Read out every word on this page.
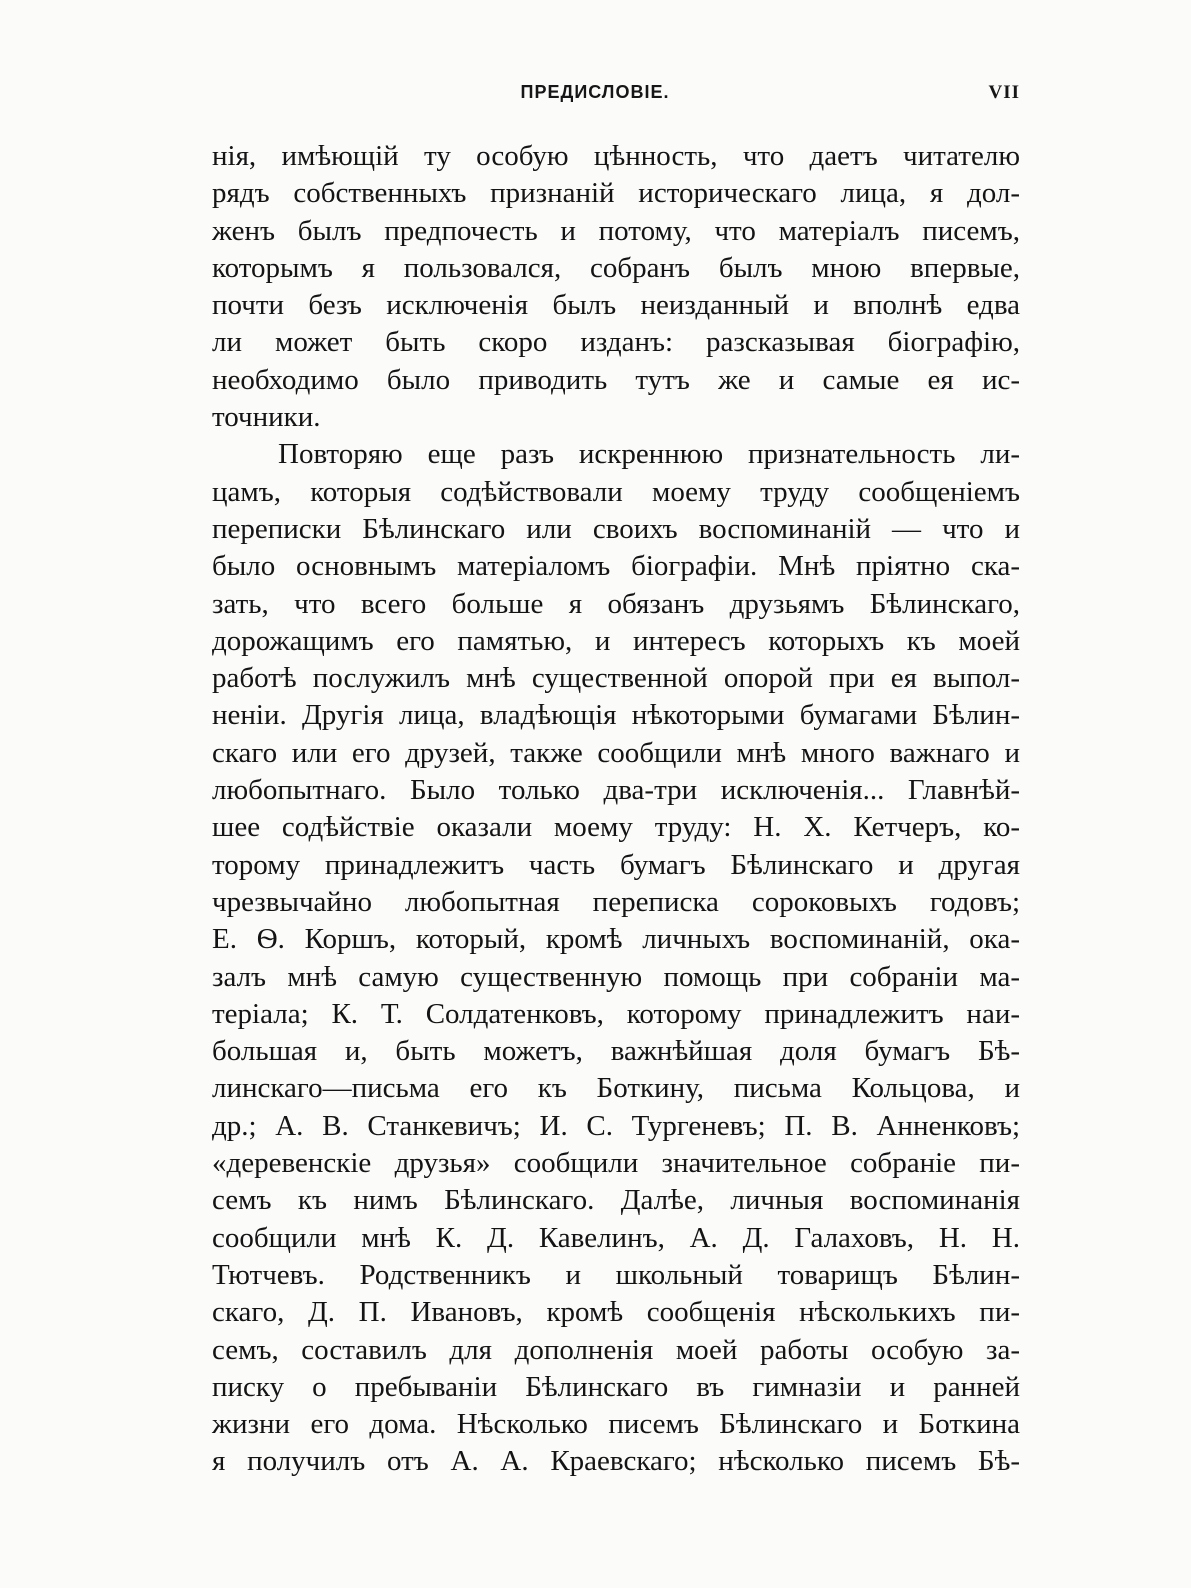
ПРЕДИСЛОВІЕ.	VII
нія, имѣющій ту особую цѣнность, что даетъ читателю
рядъ собственныхъ признаній историческаго лица, я дол-
женъ былъ предпочесть и потому, что матеріалъ писемъ,
которымъ я пользовался, собранъ былъ мною впервые,
почти безъ исключенія былъ неизданный и вполнѣ едва
ли может быть скоро изданъ: разсказывая біографію,
необходимо было приводить тутъ же и самые ея ис-
точники.
Повторяю еще разъ искреннюю признательность ли-
цамъ, которыя содѣйствовали моему труду сообщеніемъ
переписки Бѣлинскаго или своихъ воспоминаній — что и
было основнымъ матеріаломъ біографіи. Мнѣ пріятно ска-
зать, что всего больше я обязанъ друзьямъ Бѣлинскаго,
дорожащимъ его памятью, и интересъ которыхъ къ моей
работѣ послужилъ мнѣ существенной опорой при ея выпол-
неніи. Другія лица, владѣющія нѣкоторыми бумагами Бѣлин-
скаго или его друзей, также сообщили мнѣ много важнаго и
любопытнаго. Было только два-три исключенія... Главнѣй-
шее содѣйствіе оказали моему труду: Н. X. Кетчеръ, ко-
торому принадлежитъ часть бумагъ Бѣлинскаго и другая
чрезвычайно любопытная переписка сороковыхъ годовъ;
Е. Ѳ. Коршъ, который, кромѣ личныхъ воспоминаній, ока-
залъ мнѣ самую существенную помощь при собраніи ма-
теріала; К. Т. Солдатенковъ, которому принадлежитъ наи-
большая и, быть можетъ, важнѣйшая доля бумагъ Бѣ-
линскаго—письма его къ Боткину, письма Кольцова, и
др.; А. В. Станкевичъ; И. С. Тургеневъ; П. В. Анненковъ;
«деревенскіе друзья» сообщили значительное собраніе пи-
семъ къ нимъ Бѣлинскаго. Далѣе, личныя воспоминанія
сообщили мнѣ К. Д. Кавелинъ, А. Д. Галаховъ, Н. Н.
Тютчевъ. Родственникъ и школьный товарищъ Бѣлин-
скаго, Д. П. Ивановъ, кромѣ сообщенія нѣсколькихъ пи-
семъ, составилъ для дополненія моей работы особую за-
писку о пребываніи Бѣлинскаго въ гимназіи и ранней
жизни его дома. Нѣсколько писемъ Бѣлинскаго и Боткина
я получилъ отъ А. А. Краевскаго; нѣсколько писемъ Бѣ-
